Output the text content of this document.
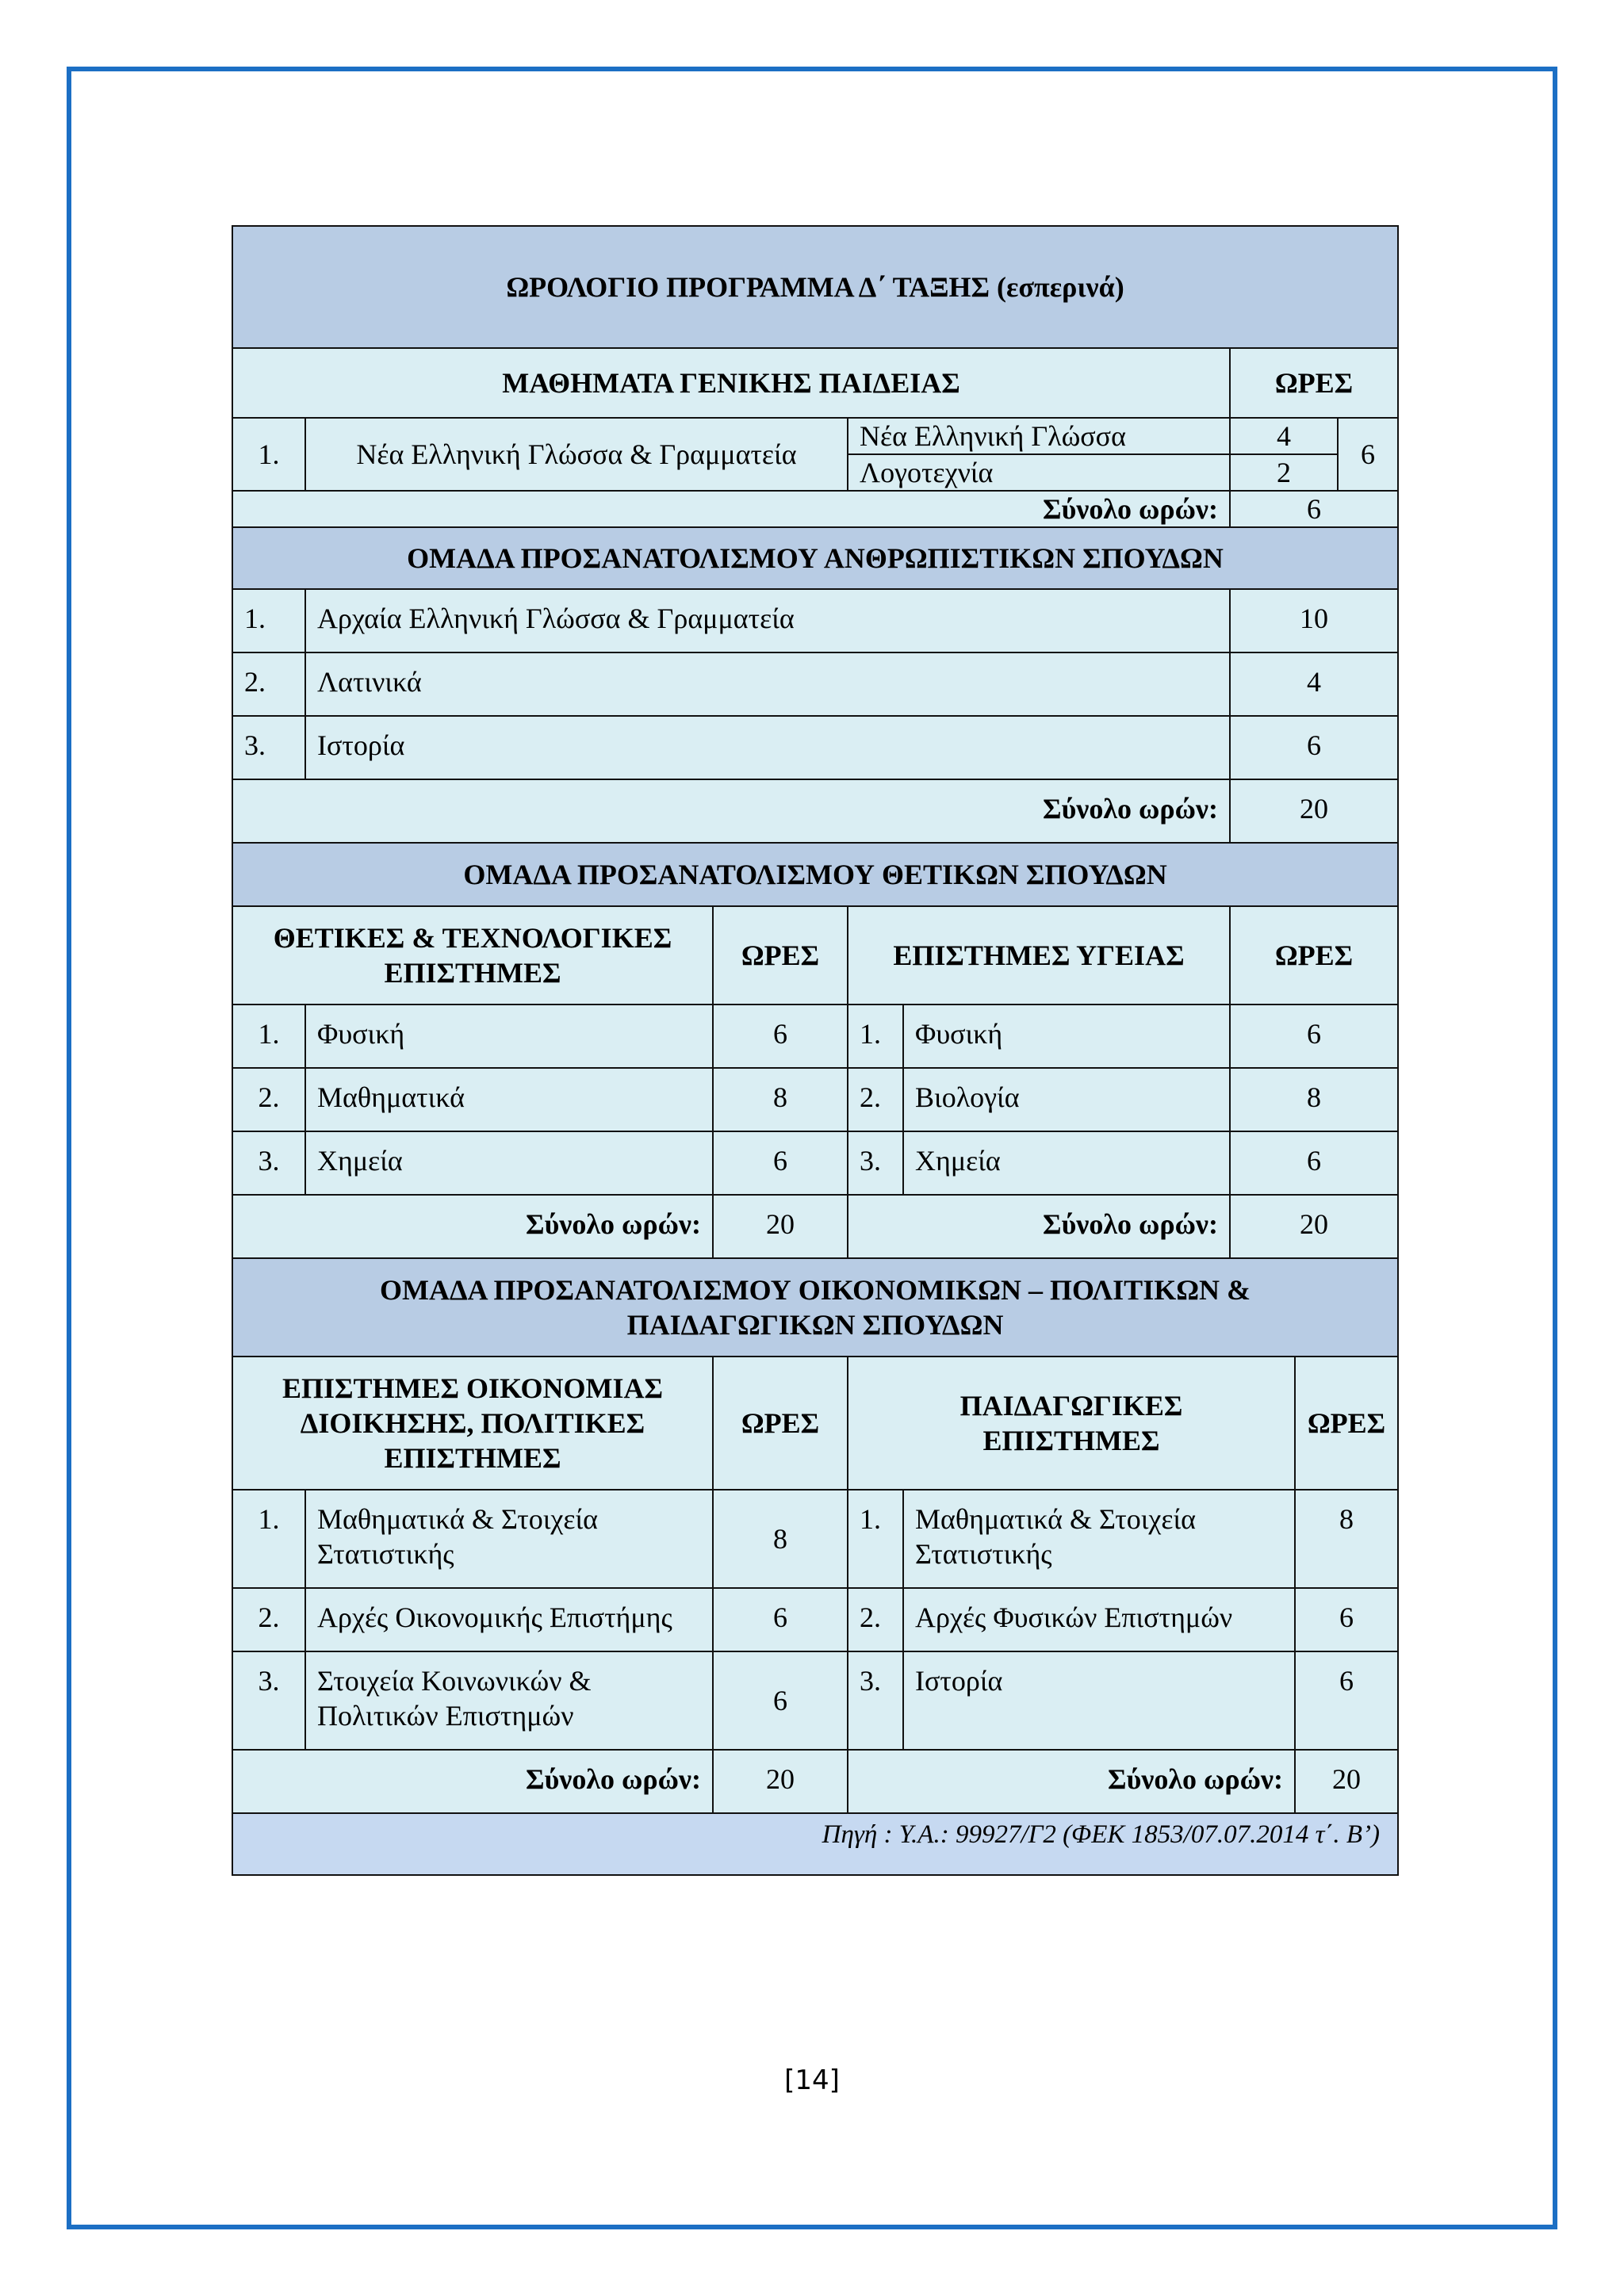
ΩΡΟΛΟΓΙΟ ΠΡΟΓΡΑΜΜΑ Δ΄ ΤΑΞΗΣ (εσπερινά)							
ΜΑΘΗΜΑΤΑ ΓΕΝΙΚΗΣ ΠΑΙΔΕΙΑΣ					ΩΡΕΣ		
1.	Νέα Ελληνική Γλώσσα & Γραμματεία		Νέα Ελληνική Γλώσσα		4		6
			Λογοτεχνία		2		
Σύνολο ωρών:					6		
ΟΜΑΔΑ ΠΡΟΣΑΝΑΤΟΛΙΣΜΟΥ ΑΝΘΡΩΠΙΣΤΙΚΩΝ ΣΠΟΥΔΩΝ							
1.	Αρχαία Ελληνική Γλώσσα & Γραμματεία				10		
2.	Λατινικά				4		
3.	Ιστορία				6		
Σύνολο ωρών:					20		
ΟΜΑΔΑ ΠΡΟΣΑΝΑΤΟΛΙΣΜΟΥ ΘΕΤΙΚΩΝ ΣΠΟΥΔΩΝ							
ΘΕΤΙΚΕΣ & ΤΕΧΝΟΛΟΓΙΚΕΣ ΕΠΙΣΤΗΜΕΣ		ΩΡΕΣ	ΕΠΙΣΤΗΜΕΣ ΥΓΕΙΑΣ		ΩΡΕΣ		
1.	Φυσική	6	1.	Φυσική	6		
2.	Μαθηματικά	8	2.	Βιολογία	8		
3.	Χημεία	6	3.	Χημεία	6		
Σύνολο ωρών:		20	Σύνολο ωρών:		20		
ΟΜΑΔΑ ΠΡΟΣΑΝΑΤΟΛΙΣΜΟΥ ΟΙΚΟΝΟΜΙΚΩΝ – ΠΟΛΙΤΙΚΩΝ & ΠΑΙΔΑΓΩΓΙΚΩΝ ΣΠΟΥΔΩΝ							
ΕΠΙΣΤΗΜΕΣ ΟΙΚΟΝΟΜΙΑΣ ΔΙΟΙΚΗΣΗΣ, ΠΟΛΙΤΙΚΕΣ ΕΠΙΣΤΗΜΕΣ		ΩΡΕΣ	ΠΑΙΔΑΓΩΓΙΚΕΣ ΕΠΙΣΤΗΜΕΣ			ΩΡΕΣ	
1.	Μαθηματικά & Στοιχεία Στατιστικής	8	1.	Μαθηματικά & Στοιχεία Στατιστικής		8	
2.	Αρχές Οικονομικής Επιστήμης	6	2.	Αρχές Φυσικών Επιστημών		6	
3.	Στοιχεία Κοινωνικών & Πολιτικών Επιστημών	6	3.	Ιστορία		6	
Σύνολο ωρών:		20	Σύνολο ωρών:			20	
Πηγή : Υ.Α.: 99927/Γ2 (ΦΕΚ 1853/07.07.2014 τ΄. Β’)							
[14]
